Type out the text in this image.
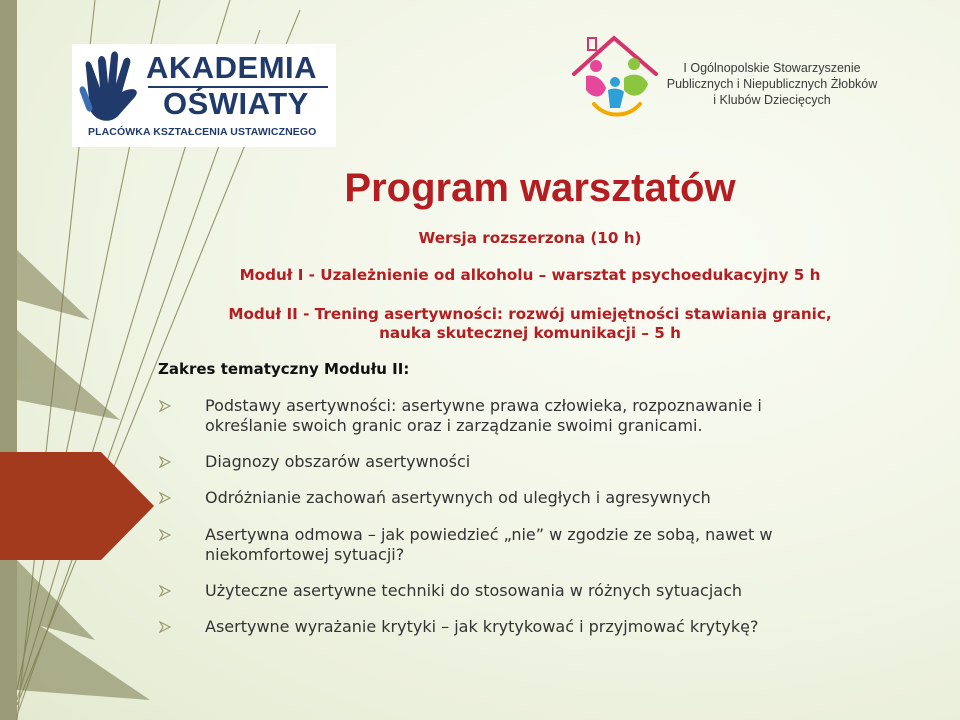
AKADEMIA
OŚWIATY
PLACÓWKA KSZTAŁCENIA USTAWICZNEGO
I Ogólnopolskie Stowarzyszenie
Publicznych i Niepublicznych Żłobków
i Klubów Dziecięcych
Program warsztatów

Wersja rozszerzona (10 h)

Moduł I - Uzależnienie od alkoholu – warsztat psychoedukacyjny 5 h

Moduł II - Trening asertywności: rozwój umiejętności stawiania granic,
nauka skutecznej komunikacji – 5 h

Zakres tematyczny Modułu II:
Podstawy asertywności: asertywne prawa człowieka, rozpoznawanie i
określanie swoich granic oraz i zarządzanie swoimi granicami.
Diagnozy obszarów asertywności
Odróżnianie zachowań asertywnych od uległych i agresywnych
Asertywna odmowa – jak powiedzieć „nie” w zgodzie ze sobą, nawet w
niekomfortowej sytuacji?
Użyteczne asertywne techniki do stosowania w różnych sytuacjach
Asertywne wyrażanie krytyki – jak krytykować i przyjmować krytykę?
